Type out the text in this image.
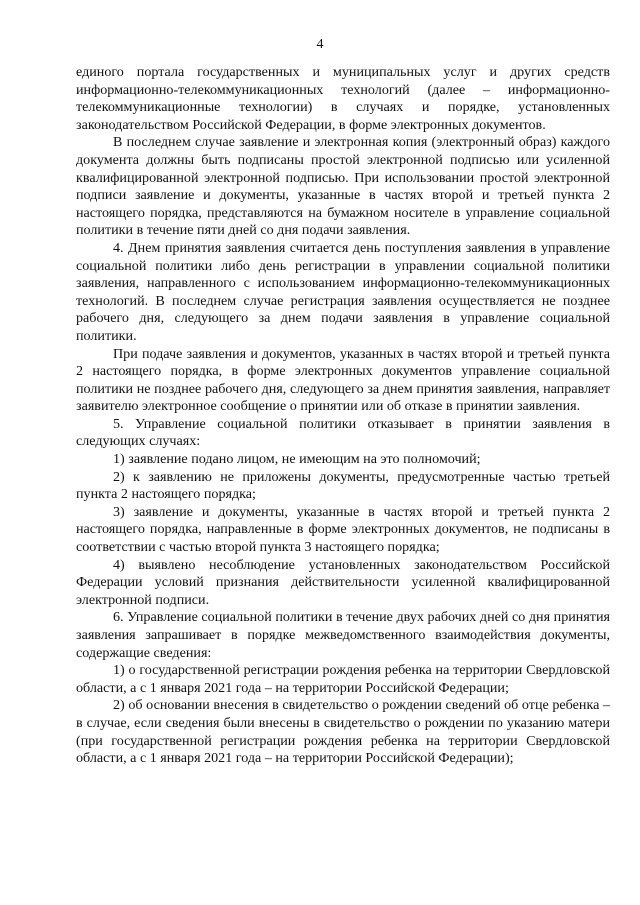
4

единого портала государственных и муниципальных услуг и других средств информационно-телекоммуникационных технологий (далее – информационно-телекоммуникационные технологии) в случаях и порядке, установленных законодательством Российской Федерации, в форме электронных документов.

В последнем случае заявление и электронная копия (электронный образ) каждого документа должны быть подписаны простой электронной подписью или усиленной квалифицированной электронной подписью. При использовании простой электронной подписи заявление и документы, указанные в частях второй и третьей пункта 2 настоящего порядка, представляются на бумажном носителе в управление социальной политики в течение пяти дней со дня подачи заявления.

4. Днем принятия заявления считается день поступления заявления в управление социальной политики либо день регистрации в управлении социальной политики заявления, направленного с использованием информационно-телекоммуникационных технологий. В последнем случае регистрация заявления осуществляется не позднее рабочего дня, следующего за днем подачи заявления в управление социальной политики.

При подаче заявления и документов, указанных в частях второй и третьей пункта 2 настоящего порядка, в форме электронных документов управление социальной политики не позднее рабочего дня, следующего за днем принятия заявления, направляет заявителю электронное сообщение о принятии или об отказе в принятии заявления.

5. Управление социальной политики отказывает в принятии заявления в следующих случаях:

1) заявление подано лицом, не имеющим на это полномочий;

2) к заявлению не приложены документы, предусмотренные частью третьей пункта 2 настоящего порядка;

3) заявление и документы, указанные в частях второй и третьей пункта 2 настоящего порядка, направленные в форме электронных документов, не подписаны в соответствии с частью второй пункта 3 настоящего порядка;

4) выявлено несоблюдение установленных законодательством Российской Федерации условий признания действительности усиленной квалифицированной электронной подписи.

6. Управление социальной политики в течение двух рабочих дней со дня принятия заявления запрашивает в порядке межведомственного взаимодействия документы, содержащие сведения:

1) о государственной регистрации рождения ребенка на территории Свердловской области, а с 1 января 2021 года – на территории Российской Федерации;

2) об основании внесения в свидетельство о рождении сведений об отце ребенка – в случае, если сведения были внесены в свидетельство о рождении по указанию матери (при государственной регистрации рождения ребенка на территории Свердловской области, а с 1 января 2021 года – на территории Российской Федерации);
